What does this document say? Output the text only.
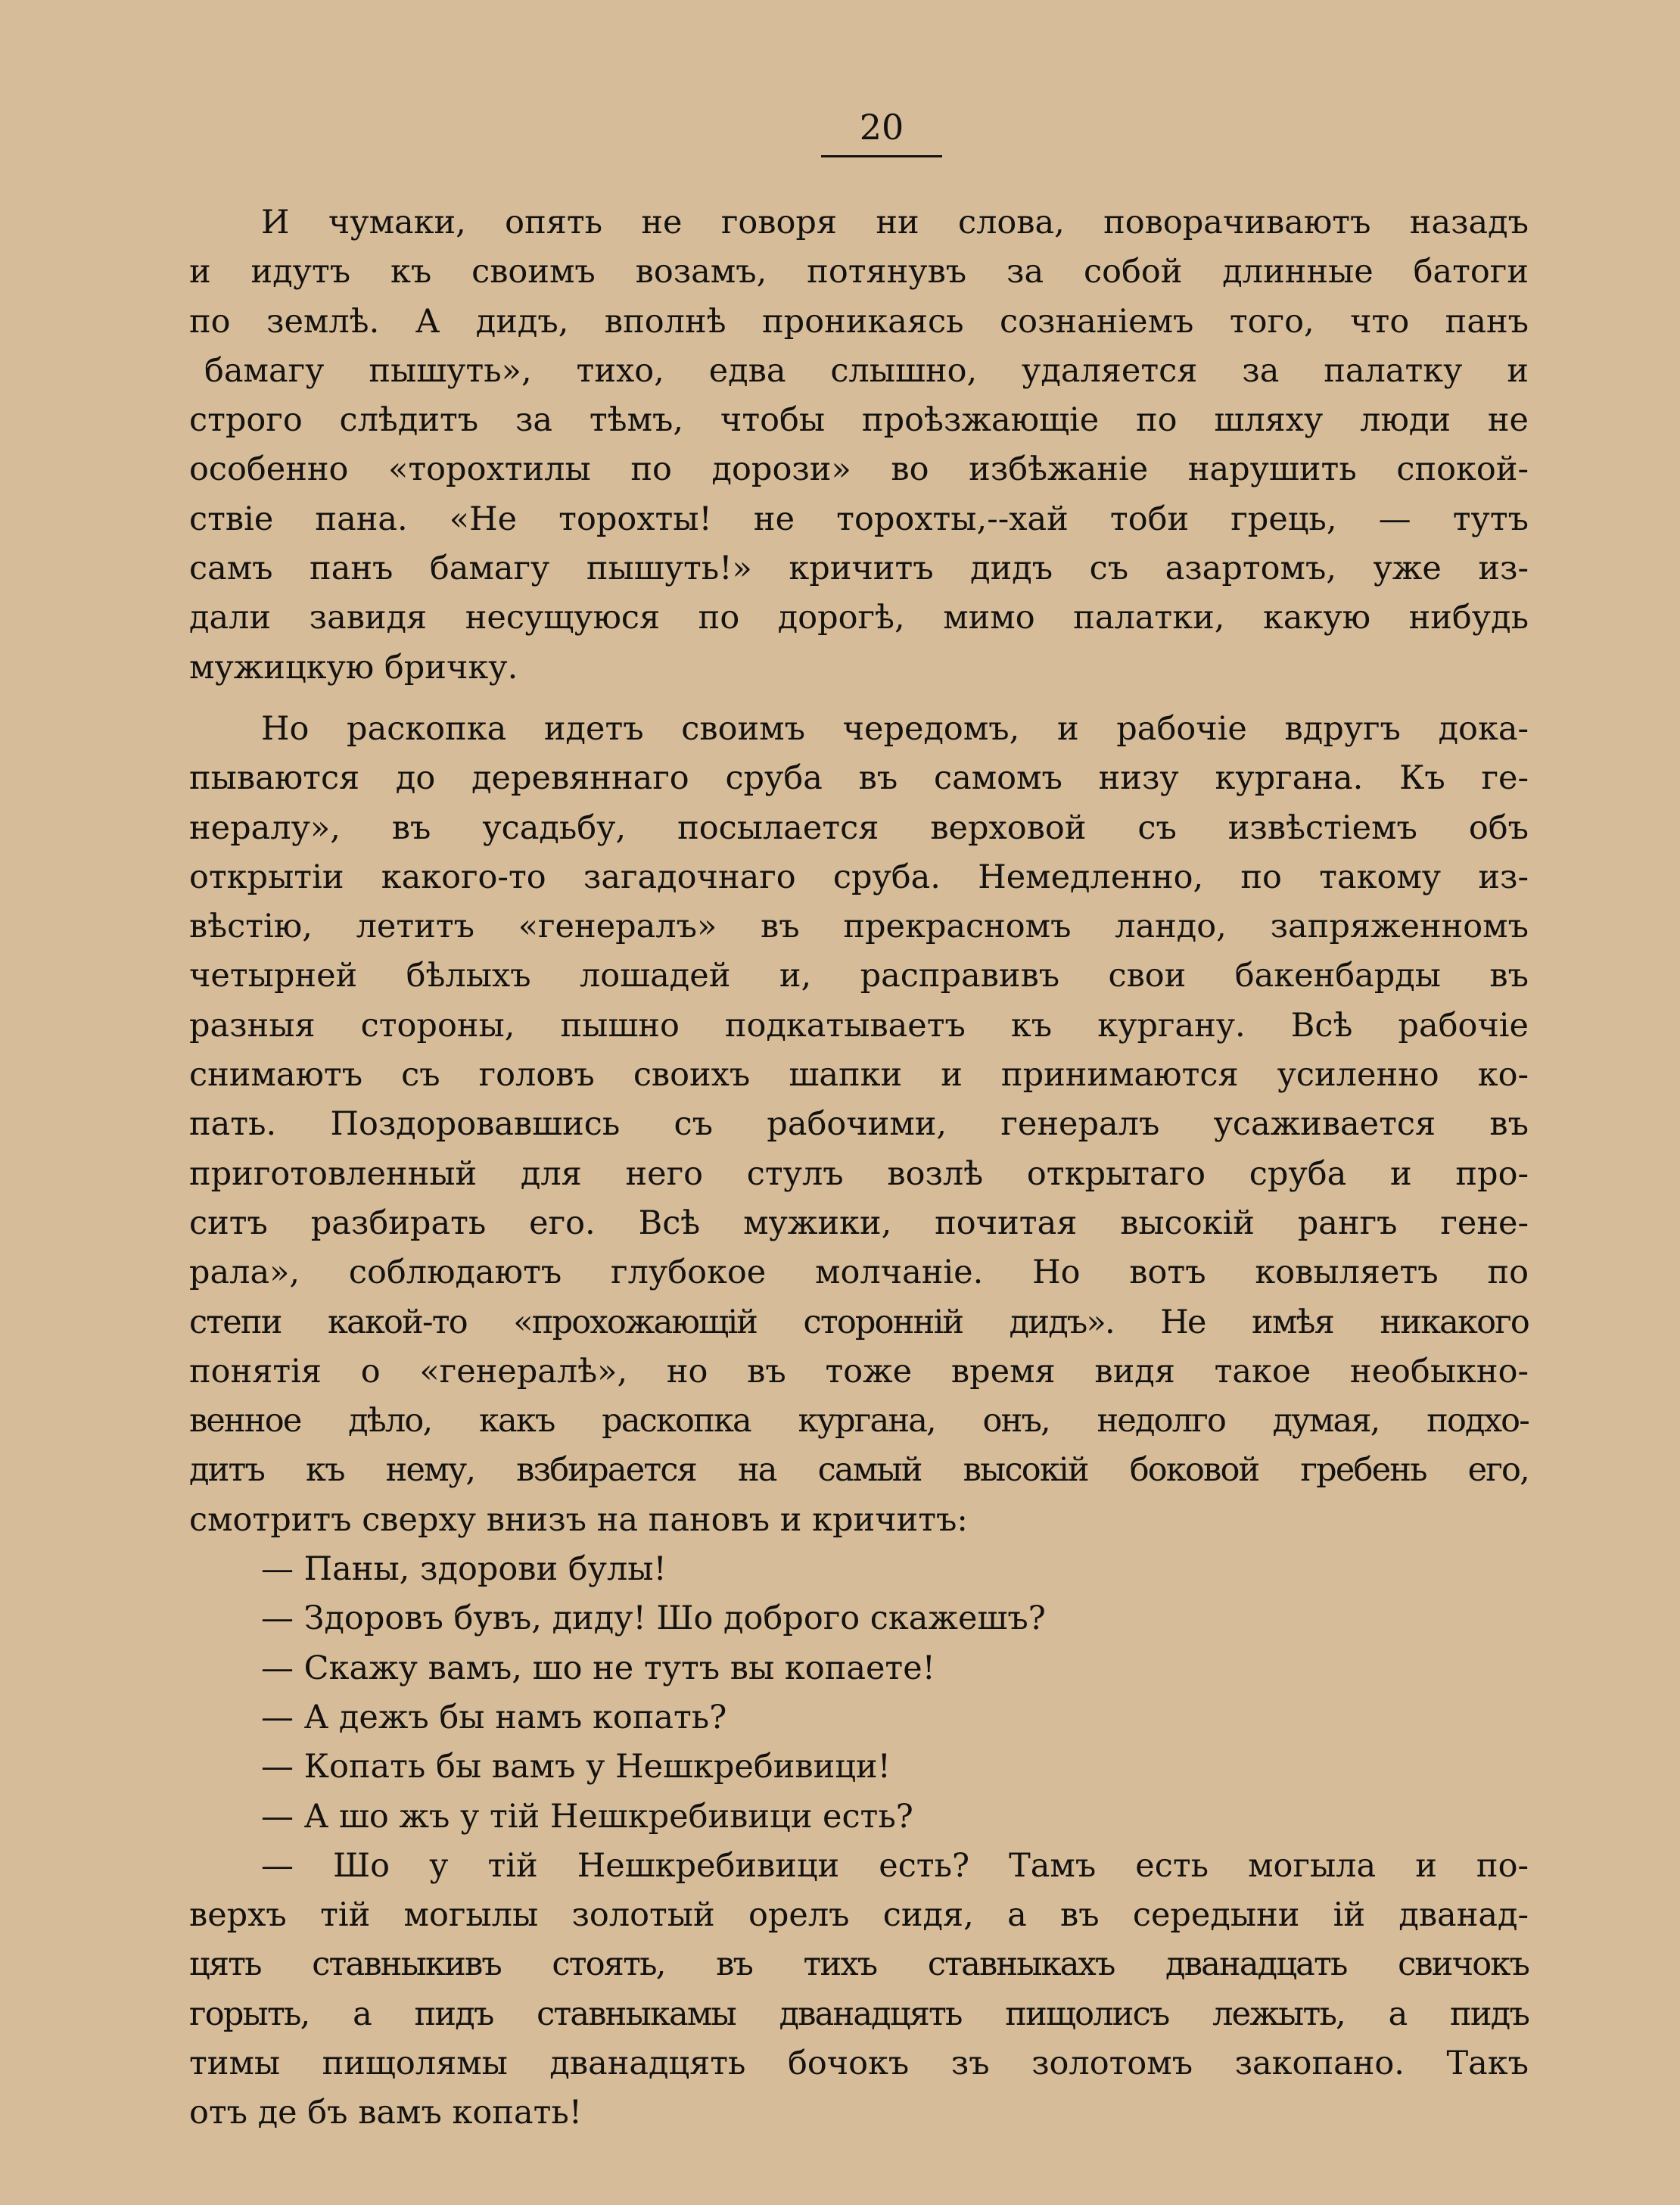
20
И чумаки, опять не говоря ни слова, поворачиваютъ назадъ
и идутъ къ своимъ возамъ, потянувъ за собой длинные батоги
по землѣ. А дидъ, вполнѣ проникаясь сознаніемъ того, что панъ
бамагу пышуть», тихо, едва слышно, удаляется за палатку и
строго слѣдитъ за тѣмъ, чтобы проѣзжающіе по шляху люди не
особенно «торохтилы по дорози» во избѣжаніе нарушить спокой-
ствіе пана. «Не торохты! не торохты,--хай тоби грець, — тутъ
самъ панъ бамагу пышуть!» кричитъ дидъ съ азартомъ, уже из-
дали завидя несущуюся по дорогѣ, мимо палатки, какую нибудь
мужицкую бричку.
Но раскопка идетъ своимъ чередомъ, и рабочіе вдругъ дока-
пываются до деревяннаго сруба въ самомъ низу кургана. Къ ге-
нералу», въ усадьбу, посылается верховой съ извѣстіемъ объ
открытіи какого-то загадочнаго сруба. Немедленно, по такому из-
вѣстію, летитъ «генералъ» въ прекрасномъ ландо, запряженномъ
четырней бѣлыхъ лошадей и, расправивъ свои бакенбарды въ
разныя стороны, пышно подкатываетъ къ кургану. Всѣ рабочіе
снимаютъ съ головъ своихъ шапки и принимаются усиленно ко-
пать. Поздоровавшись съ рабочими, генералъ усаживается въ
приготовленный для него стулъ возлѣ открытаго сруба и про-
ситъ разбирать его. Всѣ мужики, почитая высокій рангъ гене-
рала», соблюдаютъ глубокое молчаніе. Но вотъ ковыляетъ по
степи какой-то «прохожающій сторонній дидъ». Не имѣя никакого
понятія о «генералѣ», но въ тоже время видя такое необыкно-
венное дѣло, какъ раскопка кургана, онъ, недолго думая, подхо-
дитъ къ нему, взбирается на самый высокій боковой гребень его,
смотритъ сверху внизъ на пановъ и кричитъ:
— Паны, здорови булы!
— Здоровъ бувъ, диду! Шо доброго скажешъ?
— Скажу вамъ, шо не тутъ вы копаете!
— А дежъ бы намъ копать?
— Копать бы вамъ у Нешкребивици!
— А шо жъ у тій Нешкребивици есть?
— Шо у тій Нешкребивици есть? Тамъ есть могыла и по-
верхъ тій могылы золотый орелъ сидя, а въ середыни ій дванад-
цять ставныкивъ стоять, въ тихъ ставныкахъ дванадцать свичокъ
горыть, а пидъ ставныкамы дванадцять пищолисъ лежыть, а пидъ
тимы пищолямы дванадцять бочокъ зъ золотомъ закопано. Такъ
отъ де бъ вамъ копать!
